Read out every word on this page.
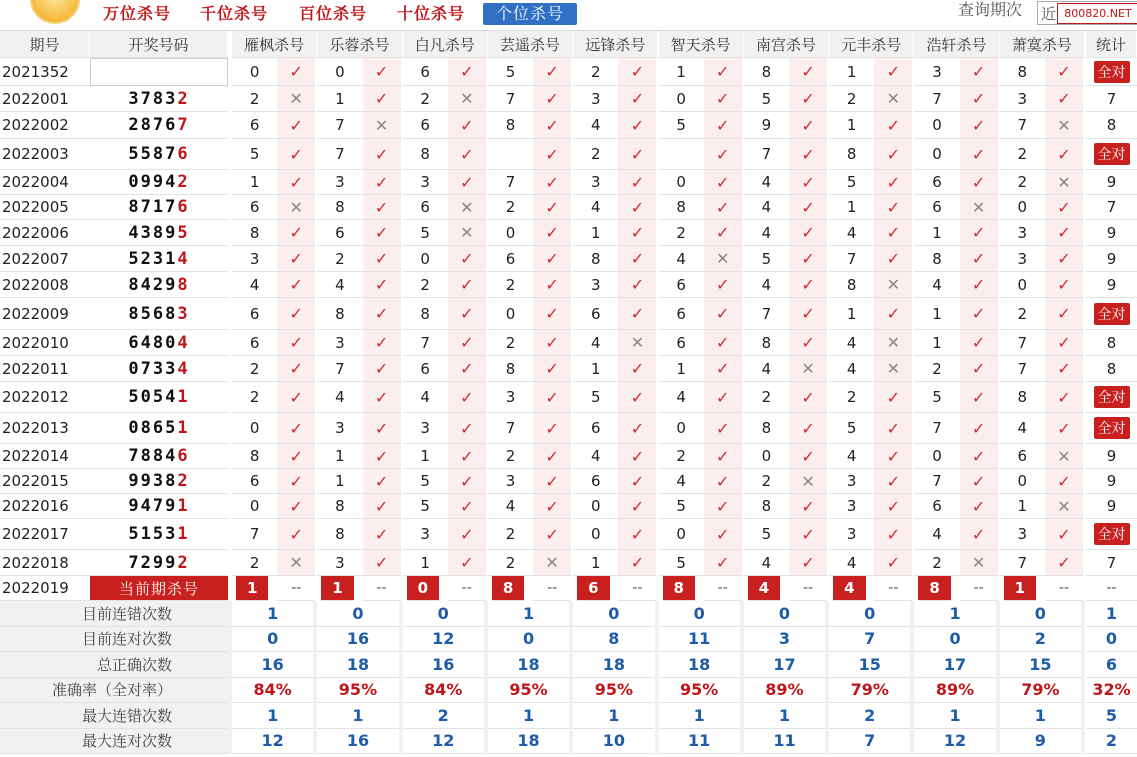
万位杀号	千位杀号	百位杀号	十位杀号	个位杀号	查询期次 近 800820.NET
期号	开奖号码	雁枫杀号 乐蓉杀号 白凡杀号 芸遥杀号 远锋杀号 智天杀号 南宫杀号 元丰杀号 浩轩杀号 萧寞杀号 统计
2021352	0 ✓ 0 ✓ 6 ✓ 5 ✓ 2 ✓ 1 ✓ 8 ✓ 1 ✓ 3 ✓ 8 ✓ 全对
2022001	3783 2	2 ✕ 1 ✓ 2 ✕ 7 ✓ 3 ✓ 0 ✓ 5 ✓ 2 ✕ 7 ✓ 3 ✓ 7
2022002	2876 7	6 ✓ 7 ✕ 6 ✓ 8 ✓ 4 ✓ 5 ✓ 9 ✓ 1 ✓ 0 ✓ 7 ✕ 8
2022003	5587 6	5 ✓ 7 ✓ 8 ✓	✓ 2 ✓	✓ 7 ✓ 8 ✓ 0 ✓ 2 ✓ 全对
2022004	0994 2	1 ✓ 3 ✓ 3 ✓ 7 ✓ 3 ✓ 0 ✓ 4 ✓ 5 ✓ 6 ✓ 2 ✕ 9
2022005	8717 6	6 ✕ 8 ✓ 6 ✕ 2 ✓ 4 ✓ 8 ✓ 4 ✓ 1 ✓ 6 ✕ 0 ✓ 7
2022006	4389 5	8 ✓ 6 ✓ 5 ✕ 0 ✓ 1 ✓ 2 ✓ 4 ✓ 4 ✓ 1 ✓ 3 ✓ 9
2022007	5231 4	3 ✓ 2 ✓ 0 ✓ 6 ✓ 8 ✓ 4 ✕ 5 ✓ 7 ✓ 8 ✓ 3 ✓ 9
2022008	8429 8	4 ✓ 4 ✓ 2 ✓ 2 ✓ 3 ✓ 6 ✓ 4 ✓ 8 ✕ 4 ✓ 0 ✓ 9
2022009	8568 3	6 ✓ 8 ✓ 8 ✓ 0 ✓ 6 ✓ 6 ✓ 7 ✓ 1 ✓ 1 ✓ 2 ✓ 全对
2022010	6480 4	6 ✓ 3 ✓ 7 ✓ 2 ✓ 4 ✕ 6 ✓ 8 ✓ 4 ✕ 1 ✓ 7 ✓ 8
2022011	0733 4	2 ✓ 7 ✓ 6 ✓ 8 ✓ 1 ✓ 1 ✓ 4 ✕ 4 ✕ 2 ✓ 7 ✓ 8
2022012	5054 1	2 ✓ 4 ✓ 4 ✓ 3 ✓ 5 ✓ 4 ✓ 2 ✓ 2 ✓ 5 ✓ 8 ✓ 全对
2022013	0865 1	0 ✓ 3 ✓ 3 ✓ 7 ✓ 6 ✓ 0 ✓ 8 ✓ 5 ✓ 7 ✓ 4 ✓ 全对
2022014	7884 6	8 ✓ 1 ✓ 1 ✓ 2 ✓ 4 ✓ 2 ✓ 0 ✓ 4 ✓ 0 ✓ 6 ✕ 9
2022015	9938 2	6 ✓ 1 ✓ 5 ✓ 3 ✓ 6 ✓ 4 ✓ 2 ✕ 3 ✓ 7 ✓ 0 ✓ 9
2022016	9479 1	0 ✓ 8 ✓ 5 ✓ 4 ✓ 0 ✓ 5 ✓ 8 ✓ 3 ✓ 6 ✓ 1 ✕ 9
2022017	5153 1	7 ✓ 8 ✓ 3 ✓ 2 ✓ 0 ✓ 0 ✓ 5 ✓ 3 ✓ 4 ✓ 3 ✓ 全对
2022018	7299 2	2 ✕ 3 ✓ 1 ✓ 2 ✕ 1 ✓ 5 ✓ 4 ✓ 4 ✓ 2 ✕ 7 ✓ 7
2022019	当前期杀号	1 -- 1 -- 0 -- 8 -- 6 -- 8 -- 4 -- 4 -- 8 -- 1 --	--
目前连错次数	1	0	0	1	0	0	0	0	1	0	1
目前连对次数	0	16	12	0	8	11	3	7	0	2	0
总正确次数	16	18	16	18	18	18	17	15	17	15	6
准确率（全对率）	84%	95%	84%	95%	95%	95%	89%	79%	89%	79% 32%
最大连错次数	1	1	2	1	1	1	1	2	1	1	5
最大连对次数	12	16	12	18	10	11	11	7	12	9	2
